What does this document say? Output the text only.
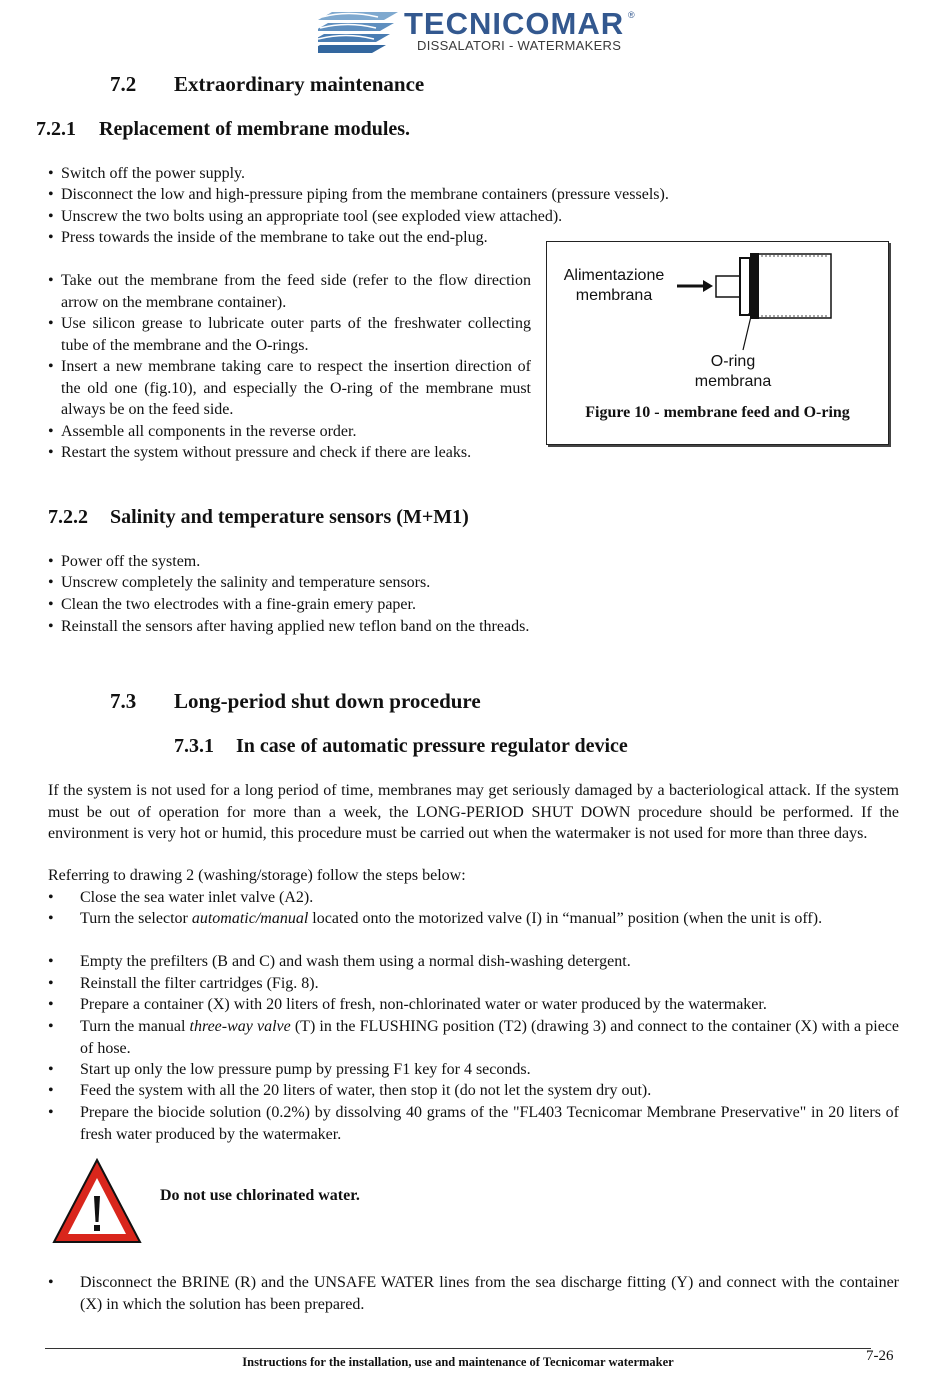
TECNICOMAR ®
DISSALATORI - WATERMAKERS
7.2 Extraordinary maintenance
7.2.1 Replacement of membrane modules.
• Switch off the power supply.
• Disconnect the low and high-pressure piping from the membrane containers (pressure vessels).
• Unscrew the two bolts using an appropriate tool (see exploded view attached).
• Press towards the inside of the membrane to take out the end-plug.
• Take out the membrane from the feed side (refer to the flow direction arrow on the membrane container).
• Use silicon grease to lubricate outer parts of the freshwater collecting tube of the membrane and the O-rings.
• Insert a new membrane taking care to respect the insertion direction of the old one (fig.10), and especially the O-ring of the membrane must always be on the feed side.
• Assemble all components in the reverse order.
• Restart the system without pressure and check if there are leaks.
Alimentazione
membrana
O-ring
membrana
Figure 10 - membrane feed and O-ring
7.2.2 Salinity and temperature sensors (M+M1)
• Power off the system.
• Unscrew completely the salinity and temperature sensors.
• Clean the two electrodes with a fine-grain emery paper.
• Reinstall the sensors after having applied new teflon band on the threads.
7.3 Long-period shut down procedure
7.3.1 In case of automatic pressure regulator device
If the system is not used for a long period of time, membranes may get seriously damaged by a bacteriological attack. If the system must be out of operation for more than a week, the LONG-PERIOD SHUT DOWN procedure should be performed. If the environment is very hot or humid, this procedure must be carried out when the watermaker is not used for more than three days.
Referring to drawing 2 (washing/storage) follow the steps below:
•	Close the sea water inlet valve (A2).
•	Turn the selector automatic/manual located onto the motorized valve (I) in “manual” position (when the unit is off).
•	Empty the prefilters (B and C) and wash them using a normal dish-washing detergent.
•	Reinstall the filter cartridges (Fig. 8).
•	Prepare a container (X) with 20 liters of fresh, non-chlorinated water or water produced by the watermaker.
•	Turn the manual three-way valve (T) in the FLUSHING position (T2) (drawing 3) and connect to the container (X) with a piece of hose.
•	Start up only the low pressure pump by pressing F1 key for 4 seconds.
•	Feed the system with all the 20 liters of water, then stop it (do not let the system dry out).
•	Prepare the biocide solution (0.2%) by dissolving 40 grams of the "FL403 Tecnicomar Membrane Preservative" in 20 liters of fresh water produced by the watermaker.
Do not use chlorinated water.
•	Disconnect the BRINE (R) and the UNSAFE WATER lines from the sea discharge fitting (Y) and connect with the container (X) in which the solution has been prepared.
Instructions for the installation, use and maintenance of Tecnicomar watermaker	7-26
